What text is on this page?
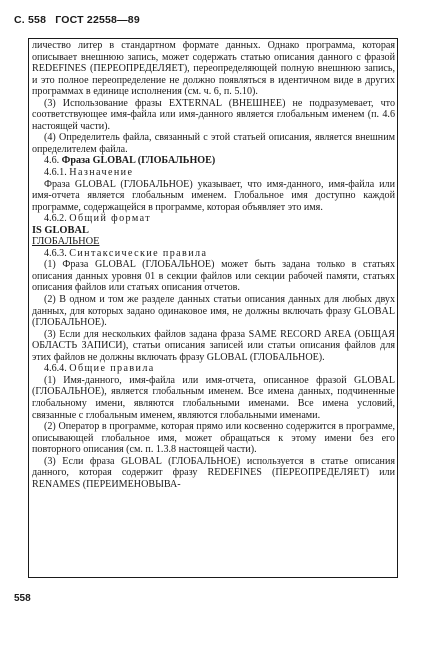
С. 558 ГОСТ 22558—89

личество литер в стандартном формате данных. Однако программа, которая описывает внешнюю запись, может содержать статью описания данного с фразой REDEFINES (ПЕРЕОПРЕДЕЛЯЕТ), переопределяющей полную внешнюю запись, и это полное переопределение не должно появляться в идентичном виде в других программах в единице исполнения (см. ч. 6, п. 5.10).

(3) Использование фразы EXTERNAL (ВНЕШНЕЕ) не подразумевает, что соответствующее имя-файла или имя-данного является глобальным именем (п. 4.6 настоящей части).

(4) Определитель файла, связанный с этой статьей описания, является внешним определителем файла.

4.6. Фраза GLOBAL (ГЛОБАЛЬНОЕ)

4.6.1. Назначение

Фраза GLOBAL (ГЛОБАЛЬНОЕ) указывает, что имя-данного, имя-файла или имя-отчета является глобальным именем. Глобальное имя доступно каждой программе, содержащейся в программе, которая объявляет это имя.

4.6.2. Общий формат

IS GLOBAL

ГЛОБАЛЬНОЕ

4.6.3. Синтаксические правила

(1) Фраза GLOBAL (ГЛОБАЛЬНОЕ) может быть задана только в статьях описания данных уровня 01 в секции файлов или секции рабочей памяти, статьях описания файлов или статьях описания отчетов.

(2) В одном и том же разделе данных статьи описания данных для любых двух данных, для которых задано одинаковое имя, не должны включать фразу GLOBAL (ГЛОБАЛЬНОЕ).

(3) Если для нескольких файлов задана фраза SAME RECORD AREA (ОБЩАЯ ОБЛАСТЬ ЗАПИСИ), статьи описания записей или статьи описания файлов для этих файлов не должны включать фразу GLOBAL (ГЛОБАЛЬНОЕ).

4.6.4. Общие правила

(1) Имя-данного, имя-файла или имя-отчета, описанное фразой GLOBAL (ГЛОБАЛЬНОЕ), является глобальным именем. Все имена данных, подчиненные глобальному имени, являются глобальными именами. Все имена условий, связанные с глобальным именем, являются глобальными именами.

(2) Оператор в программе, которая прямо или косвенно содержится в программе, описывающей глобальное имя, может обращаться к этому имени без его повторного описания (см. п. 1.3.8 настоящей части).

(3) Если фраза GLOBAL (ГЛОБАЛЬНОЕ) используется в статье описания данного, которая содержит фразу REDEFINES (ПЕРЕОПРЕДЕЛЯЕТ) или RENAMES (ПЕРЕИМЕНОВЫВА-

558
